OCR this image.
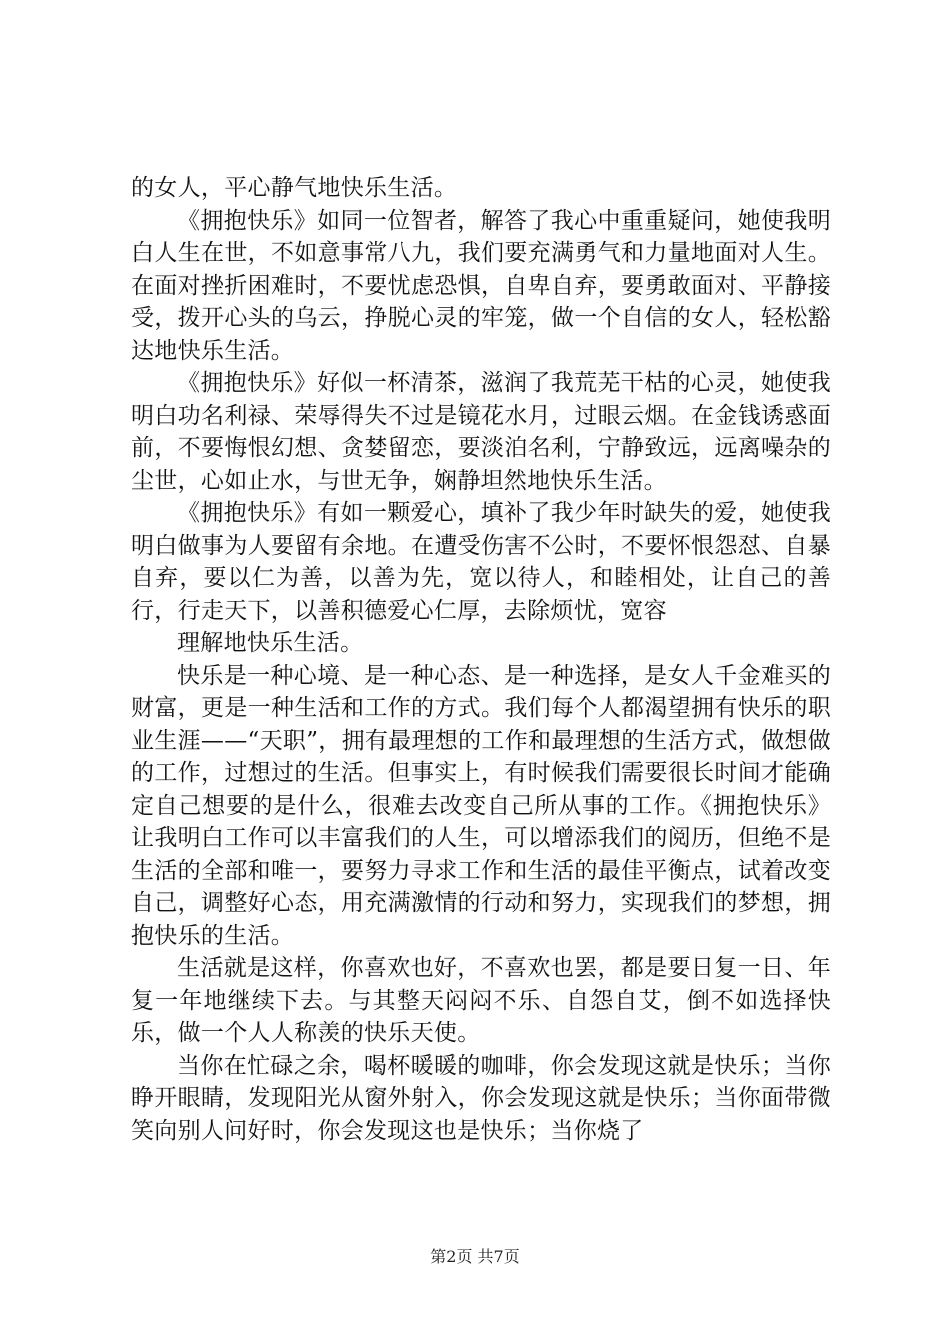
的女人，平心静气地快乐生活。

《拥抱快乐》如同一位智者，解答了我心中重重疑问，她使我明白人生在世，不如意事常八九，我们要充满勇气和力量地面对人生。在面对挫折困难时，不要忧虑恐惧，自卑自弃，要勇敢面对、平静接受，拨开心头的乌云，挣脱心灵的牢笼，做一个自信的女人，轻松豁达地快乐生活。

《拥抱快乐》好似一杯清茶，滋润了我荒芜干枯的心灵，她使我明白功名利禄、荣辱得失不过是镜花水月，过眼云烟。在金钱诱惑面前，不要悔恨幻想、贪婪留恋，要淡泊名利，宁静致远，远离噪杂的尘世，心如止水，与世无争，娴静坦然地快乐生活。

《拥抱快乐》有如一颗爱心，填补了我少年时缺失的爱，她使我明白做事为人要留有余地。在遭受伤害不公时，不要怀恨怨怼、自暴自弃，要以仁为善，以善为先，宽以待人，和睦相处，让自己的善行，行走天下，以善积德爱心仁厚，去除烦忧，宽容

理解地快乐生活。

快乐是一种心境、是一种心态、是一种选择，是女人千金难买的财富，更是一种生活和工作的方式。我们每个人都渴望拥有快乐的职业生涯——“天职”，拥有最理想的工作和最理想的生活方式，做想做的工作，过想过的生活。但事实上，有时候我们需要很长时间才能确定自己想要的是什么，很难去改变自己所从事的工作。《拥抱快乐》让我明白工作可以丰富我们的人生，可以增添我们的阅历，但绝不是生活的全部和唯一，要努力寻求工作和生活的最佳平衡点，试着改变自己，调整好心态，用充满激情的行动和努力，实现我们的梦想，拥抱快乐的生活。

生活就是这样，你喜欢也好，不喜欢也罢，都是要日复一日、年复一年地继续下去。与其整天闷闷不乐、自怨自艾，倒不如选择快乐，做一个人人称羡的快乐天使。

当你在忙碌之余，喝杯暖暖的咖啡，你会发现这就是快乐；当你睁开眼睛，发现阳光从窗外射入，你会发现这就是快乐；当你面带微笑向别人问好时，你会发现这也是快乐；当你烧了

第2页 共7页
